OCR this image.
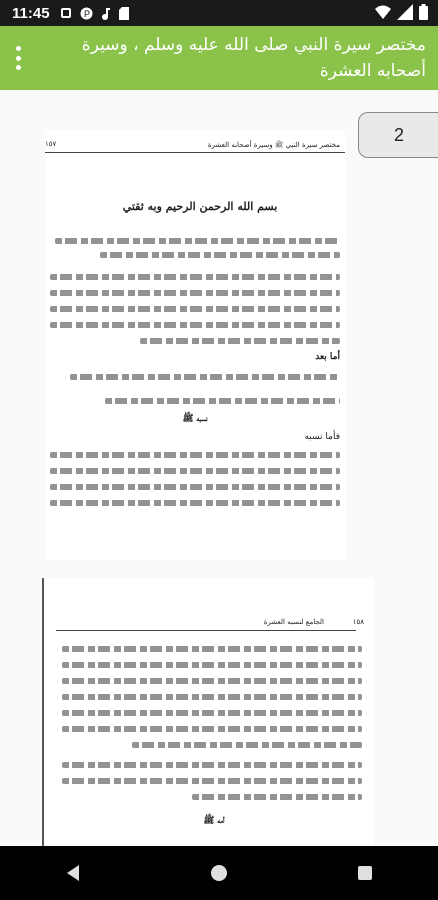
11:45	P
مختصر سيرة النبي صلى الله عليه وسلم ، وسيرة أصحابه العشرة
مختصر سيرة النبي ﷺ وسيرة أصحابه العشرة
١٥٧
بسم الله الرحمن الرحيم وبه ثقتي
أما بعد
نسبه ﷺ
فأما نسبه
الجامع لنسبه العشرة	١٥٨
أمه ﷺ
2
